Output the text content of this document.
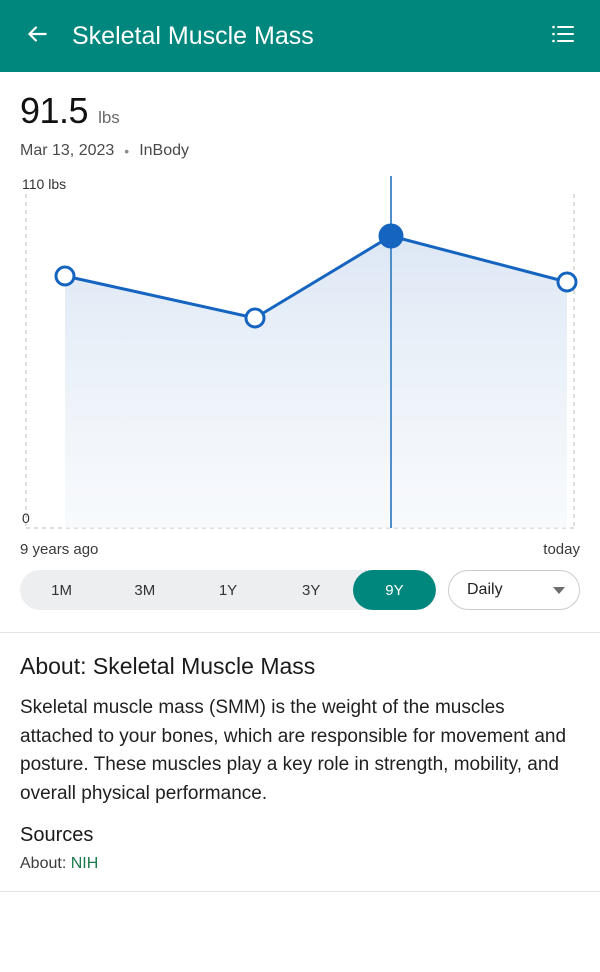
Skeletal Muscle Mass
91.5 lbs
Mar 13, 2023 • InBody
110 lbs
0
9 years ago	today
1M	3M	1Y	3Y	9Y	Daily
About: Skeletal Muscle Mass

Skeletal muscle mass (SMM) is the weight of the muscles attached to your bones, which are responsible for movement and posture. These muscles play a key role in strength, mobility, and overall physical performance.

Sources
About: NIH
